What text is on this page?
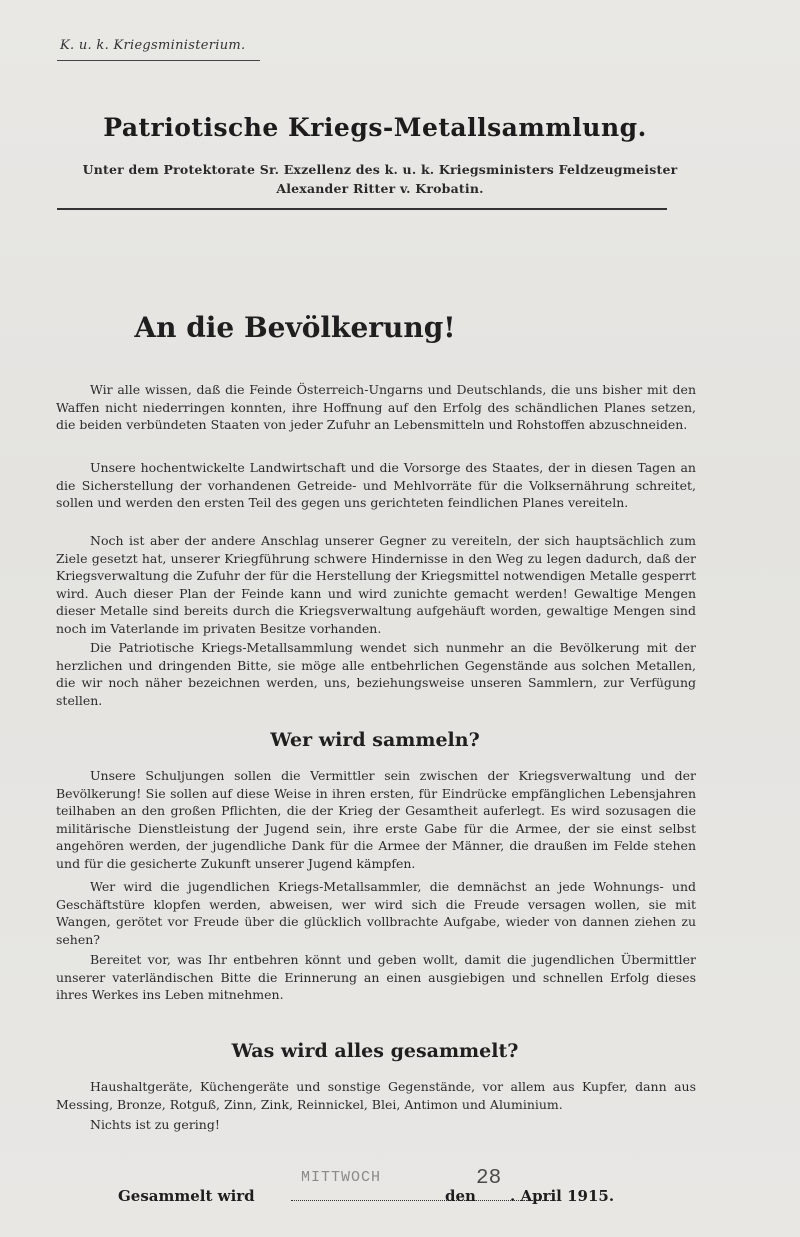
K. u. k. Kriegsministerium.
Patriotische Kriegs-Metallsammlung.
Unter dem Protektorate Sr. Exzellenz des k. u. k. Kriegsministers Feldzeugmeister
Alexander Ritter v. Krobatin.
An die Bevölkerung!
Wir alle wissen, daß die Feinde Österreich-Ungarns und Deutschlands, die uns bisher mit den Waffen nicht niederringen konnten, ihre Hoffnung auf den Erfolg des schändlichen Planes setzen, die beiden verbündeten Staaten von jeder Zufuhr an Lebensmitteln und Rohstoffen abzuschneiden.
Unsere hochentwickelte Landwirtschaft und die Vorsorge des Staates, der in diesen Tagen an die Sicherstellung der vorhandenen Getreide- und Mehlvorräte für die Volksernährung schreitet, sollen und werden den ersten Teil des gegen uns gerichteten feindlichen Planes vereiteln.
Noch ist aber der andere Anschlag unserer Gegner zu vereiteln, der sich hauptsächlich zum Ziele gesetzt hat, unserer Kriegführung schwere Hindernisse in den Weg zu legen dadurch, daß der Kriegsverwaltung die Zufuhr der für die Herstellung der Kriegsmittel notwendigen Metalle gesperrt wird. Auch dieser Plan der Feinde kann und wird zunichte gemacht werden! Gewaltige Mengen dieser Metalle sind bereits durch die Kriegsverwaltung aufgehäuft worden, gewaltige Mengen sind noch im Vaterlande im privaten Besitze vorhanden.
Die Patriotische Kriegs-Metallsammlung wendet sich nunmehr an die Bevölkerung mit der herzlichen und dringenden Bitte, sie möge alle entbehrlichen Gegenstände aus solchen Metallen, die wir noch näher bezeichnen werden, uns, beziehungsweise unseren Sammlern, zur Verfügung stellen.
Wer wird sammeln?
Unsere Schuljungen sollen die Vermittler sein zwischen der Kriegsverwaltung und der Bevölkerung! Sie sollen auf diese Weise in ihren ersten, für Eindrücke empfänglichen Lebensjahren teilhaben an den großen Pflichten, die der Krieg der Gesamtheit auferlegt. Es wird sozusagen die militärische Dienstleistung der Jugend sein, ihre erste Gabe für die Armee, der sie einst selbst angehören werden, der jugendliche Dank für die Armee der Männer, die draußen im Felde stehen und für die gesicherte Zukunft unserer Jugend kämpfen.
Wer wird die jugendlichen Kriegs-Metallsammler, die demnächst an jede Wohnungs- und Geschäftstüre klopfen werden, abweisen, wer wird sich die Freude versagen wollen, sie mit Wangen, gerötet vor Freude über die glücklich vollbrachte Aufgabe, wieder von dannen ziehen zu sehen?
Bereitet vor, was Ihr entbehren könnt und geben wollt, damit die jugendlichen Übermittler unserer vaterländischen Bitte die Erinnerung an einen ausgiebigen und schnellen Erfolg dieses ihres Werkes ins Leben mitnehmen.
Was wird alles gesammelt?
Haushaltgeräte, Küchengeräte und sonstige Gegenstände, vor allem aus Kupfer, dann aus Messing, Bronze, Rotguß, Zinn, Zink, Reinnickel, Blei, Antimon und Aluminium.
Nichts ist zu gering!
Gesammelt wird
MITTWOCH
den
28
. April 1915.
